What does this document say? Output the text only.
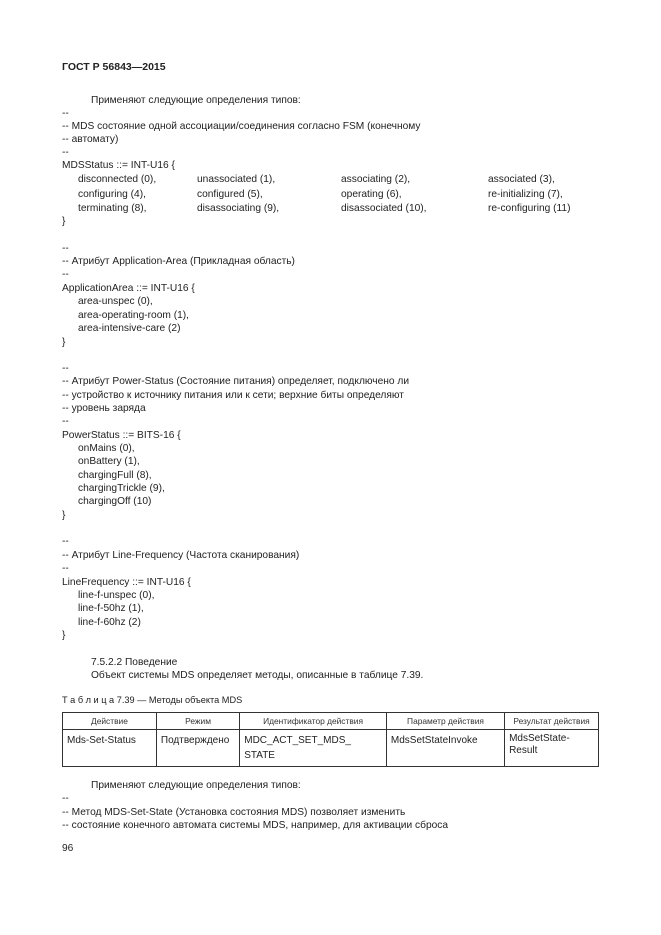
ГОСТ Р 56843—2015
Применяют следующие определения типов:
--
-- MDS состояние одной ассоциации/соединения согласно FSM (конечному
-- автомату)
--
MDSStatus ::= INT-U16 {
disconnected (0),	unassociated (1),	associating (2),	associated (3),
configuring (4),	configured (5),	operating (6),	re-initializing (7),
terminating (8),	disassociating (9),	disassociated (10),	re-configuring (11)
}
--
-- Атрибут Application-Area (Прикладная область)
--
ApplicationArea ::= INT-U16 {
area-unspec (0),
area-operating-room (1),
area-intensive-care (2)
}
--
-- Атрибут Power-Status (Состояние питания) определяет, подключено ли
-- устройство к источнику питания или к сети; верхние биты определяют
-- уровень заряда
--
PowerStatus ::= BITS-16 {
onMains (0),
onBattery (1),
chargingFull (8),
chargingTrickle (9),
chargingOff (10)
}
--
-- Атрибут Line-Frequency (Частота сканирования)
--
LineFrequency ::= INT-U16 {
line-f-unspec (0),
line-f-50hz (1),
line-f-60hz (2)
}
7.5.2.2 Поведение
Объект системы MDS определяет методы, описанные в таблице 7.39.
Т а б л и ц а 7.39 — Методы объекта MDS
Действие	Режим	Идентификатор действия	Параметр действия	Результат действия
Mds-Set-Status	Подтверждено	MDC_ACT_SET_MDS_ STATE	MdsSetStateInvoke	MdsSetState- Result
Применяют следующие определения типов:
--
-- Метод MDS-Set-State (Установка состояния MDS) позволяет изменить
-- состояние конечного автомата системы MDS, например, для активации сброса
96
